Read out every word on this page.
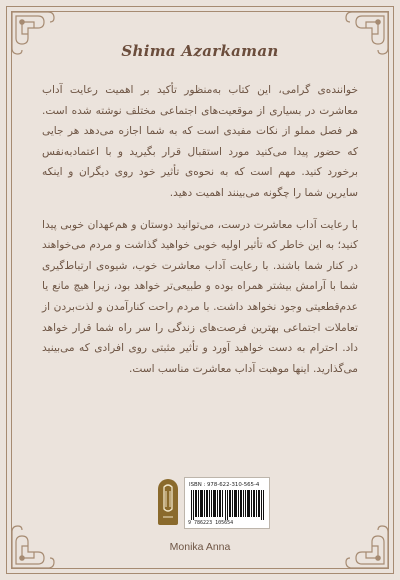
Shima Azarkaman
خواننده‌ی گرامی، این کتاب به‌منظور تأکید بر اهمیت رعایت آداب معاشرت در بسیاری از موقعیت‌های اجتماعی مختلف نوشته شده است. هر فصل مملو از نکات مفیدی است که به شما اجازه می‌دهد هر جایی که حضور پیدا می‌کنید مورد استقبال قرار بگیرید و با اعتماد‌به‌نفس برخورد کنید. مهم است که به نحوه‌ی تأثیر خود روی دیگران و اینکه سایرین شما را چگونه می‌بینند اهمیت دهید.
با رعایت آداب معاشرت درست، می‌توانید دوستان و هم‌عهدان خوبی پیدا کنید؛ به این خاطر که تأثیر اولیه خوبی خواهید گذاشت و مردم می‌خواهند در کنار شما باشند. با رعایت آداب معاشرت خوب، شیوه‌ی ارتباط‌گیری شما با آرامش بیشتر همراه بوده و طبیعی‌تر خواهد بود، زیرا هیچ مانع یا عدم‌قطعیتی وجود نخواهد داشت. با مردم راحت کنارآمدن و لذت‌بردن از تعاملات اجتماعی بهترین فرصت‌های زندگی را سر راه شما قرار خواهد داد. احترام به دست خواهید آورد و تأثیر مثبتی روی افرادی که می‌بینید می‌گذارید. اینها موهبت آداب معاشرت مناسب است.
ISBN : 978-622-310-565-4
9 786223 105654
Monika Anna
